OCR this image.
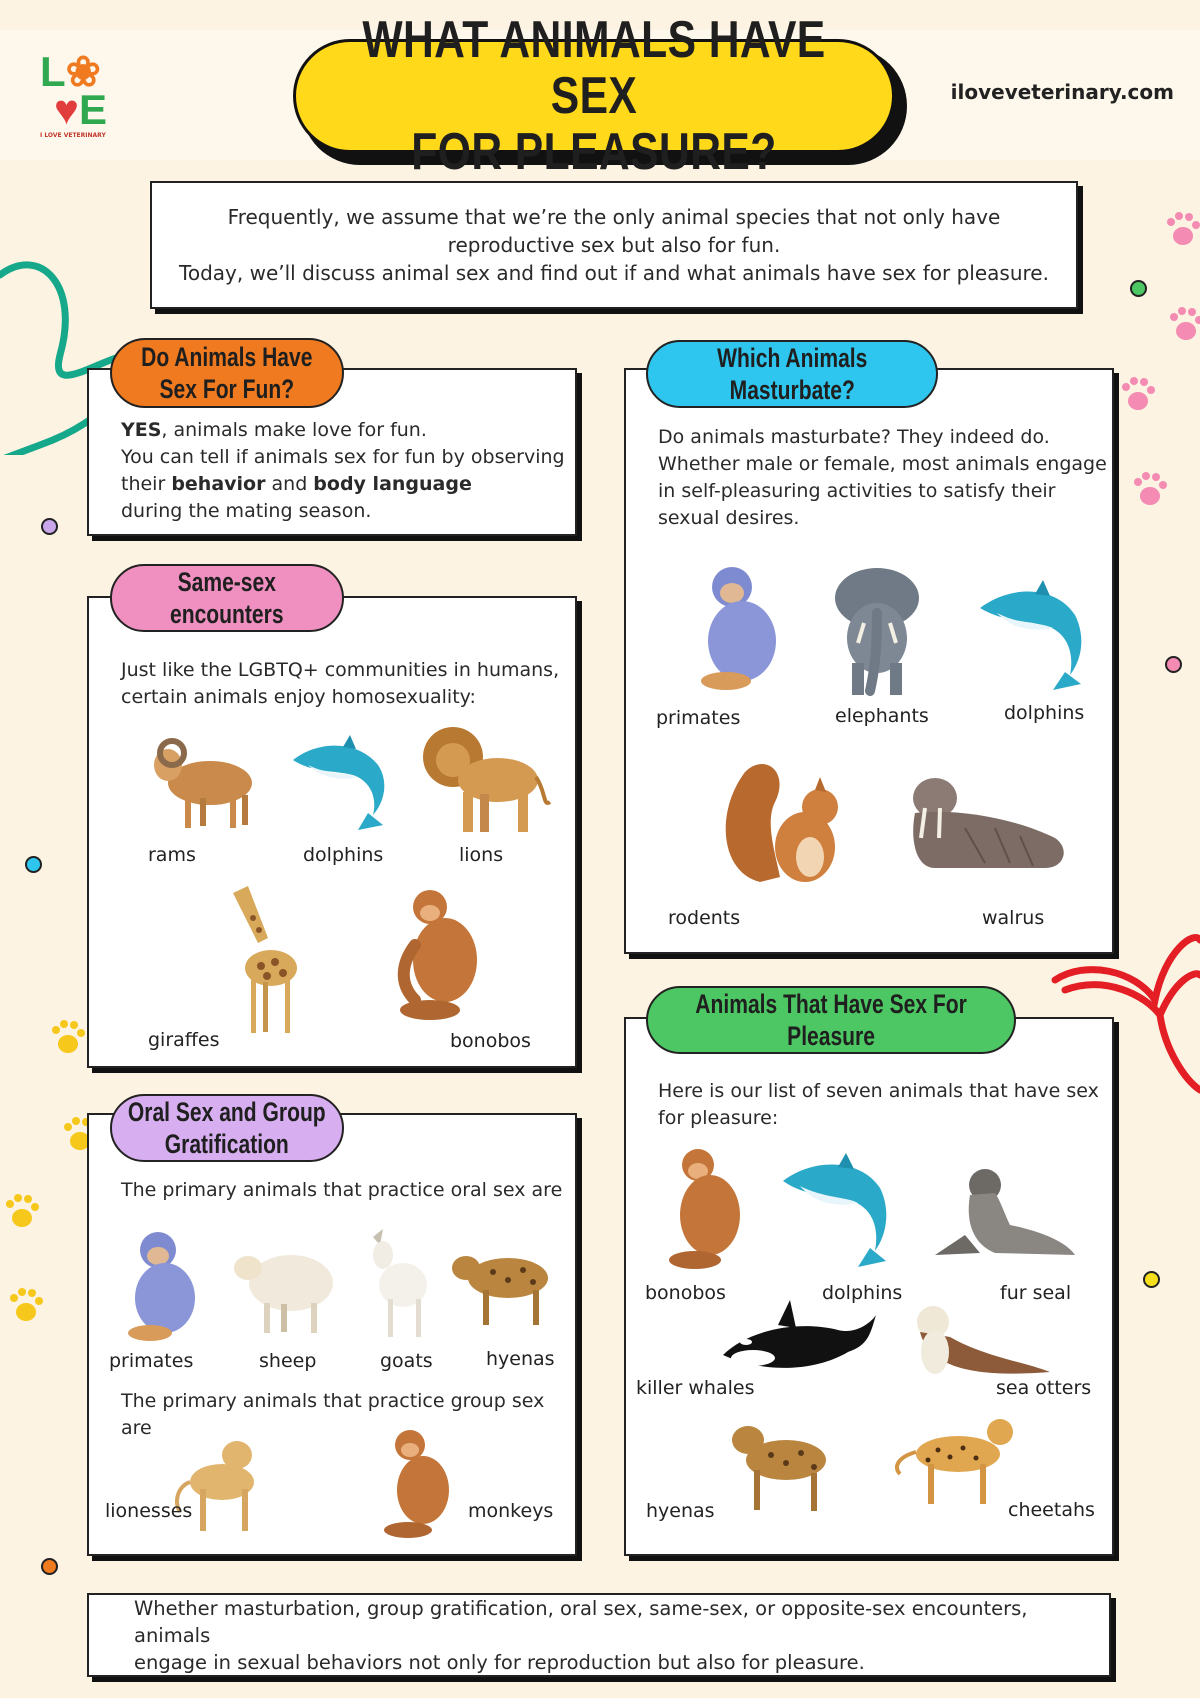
L❀
♥E
I LOVE VETERINARY
WHAT ANIMALS HAVE SEX
FOR PLEASURE?
iloveveterinary.com

Frequently, we assume that we’re the only animal species that not only have
reproductive sex but also for fun.
Today, we’ll discuss animal sex and find out if and what animals have sex for pleasure.

Do Animals Have
Sex For Fun?
YES, animals make love for fun.
You can tell if animals sex for fun by observing
their behavior and body language
during the mating season.
Same-sex
encounters
Just like the LGBTQ+ communities in humans,
certain animals enjoy homosexuality:
rams	dolphins	lions
giraffes	bonobos
Oral Sex and Group
Gratification
The primary animals that practice oral sex are
primates	sheep	goats	hyenas
The primary animals that practice group sex are
lionesses	monkeys
Which Animals
Masturbate?
Do animals masturbate? They indeed do.
Whether male or female, most animals engage
in self-pleasuring activities to satisfy their
sexual desires.
primates	elephants	dolphins
rodents	walrus
Animals That Have Sex For
Pleasure
Here is our list of seven animals that have sex
for pleasure:
bonobos	dolphins	fur seal
killer whales	sea otters
hyenas	cheetahs

Whether masturbation, group gratification, oral sex, same-sex, or opposite-sex encounters, animals
engage in sexual behaviors not only for reproduction but also for pleasure.
